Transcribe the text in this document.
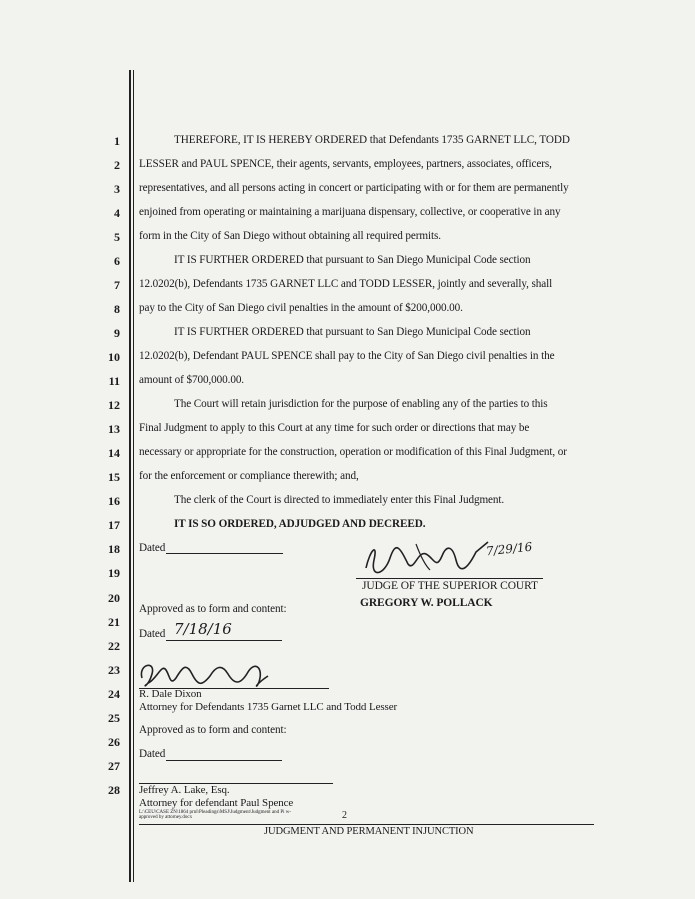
1
2
3
4
5
6
7
8
9
10
11
12
13
14
15
16
17
18
19
20
21
22
23
24
25
26
27
28
THEREFORE, IT IS HEREBY ORDERED that Defendants 1735 GARNET LLC, TODD
LESSER and PAUL SPENCE, their agents, servants, employees, partners, associates, officers,
representatives, and all persons acting in concert or participating with or for them are permanently
enjoined from operating or maintaining a marijuana dispensary, collective, or cooperative in any
form in the City of San Diego without obtaining all required permits.
IT IS FURTHER ORDERED that pursuant to San Diego Municipal Code section
12.0202(b), Defendants 1735 GARNET LLC and TODD LESSER, jointly and severally, shall
pay to the City of San Diego civil penalties in the amount of $200,000.00.
IT IS FURTHER ORDERED that pursuant to San Diego Municipal Code section
12.0202(b), Defendant PAUL SPENCE shall pay to the City of San Diego civil penalties in the
amount of $700,000.00.
The Court will retain jurisdiction for the purpose of enabling any of the parties to this
Final Judgment to apply to this Court at any time for such order or directions that may be
necessary or appropriate for the construction, operation or modification of this Final Judgment, or
for the enforcement or compliance therewith; and,
The clerk of the Court is directed to immediately enter this Final Judgment.
IT IS SO ORDERED, ADJUDGED AND DECREED.
Dated	7/29/16
JUDGE OF THE SUPERIOR COURT
GREGORY W. POLLACK
Approved as to form and content:
Dated 7/18/16
R. Dale Dixon
Attorney for Defendants 1735 Garnet LLC and Todd Lesser
Approved as to form and content:
Dated
Jeffrey A. Lake, Esq.
Attorney for defendant Paul Spence
L:\CEU\CASE ZN\1864 prnl\Pleadings\MSJ\Judgment\Judgment and Pi w-
approved by attorney.docx	2
JUDGMENT AND PERMANENT INJUNCTION
